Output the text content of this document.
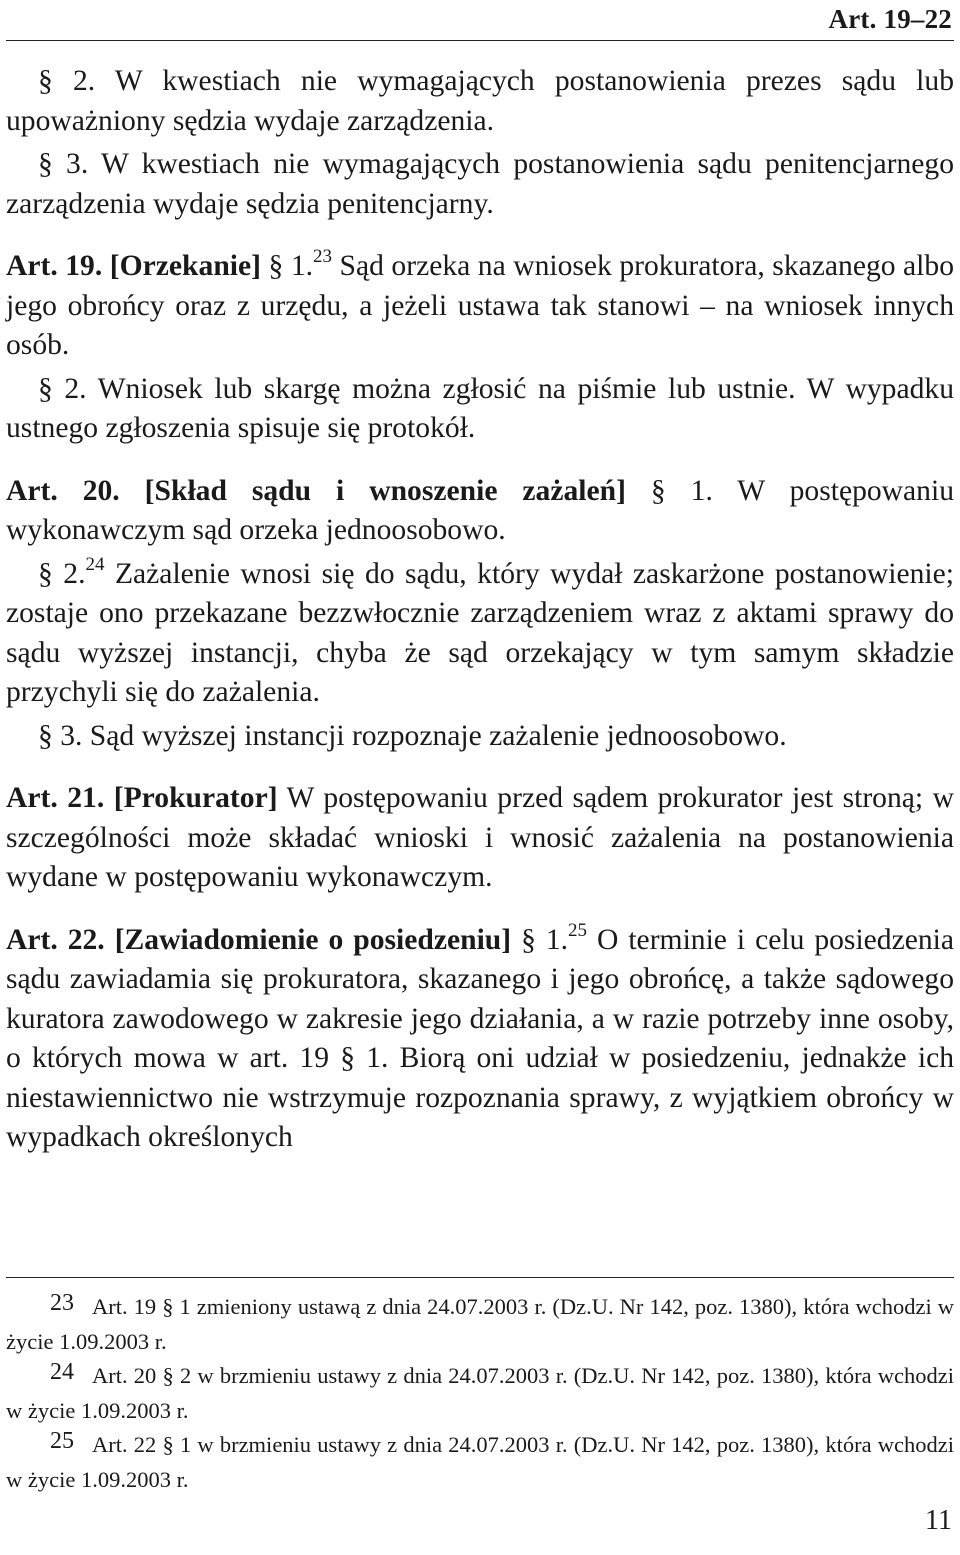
Art. 19–22

§ 2. W kwestiach nie wymagających postanowienia prezes sądu lub upoważniony sędzia wydaje zarządzenia.

§ 3. W kwestiach nie wymagających postanowienia sądu penitencjarnego zarządzenia wydaje sędzia penitencjarny.

Art. 19. [Orzekanie] § 1.23 Sąd orzeka na wniosek prokuratora, skazanego albo jego obrońcy oraz z urzędu, a jeżeli ustawa tak stanowi – na wniosek innych osób.

§ 2. Wniosek lub skargę można zgłosić na piśmie lub ustnie. W wypadku ustnego zgłoszenia spisuje się protokół.

Art. 20. [Skład sądu i wnoszenie zażaleń] § 1. W postępowaniu wykonawczym sąd orzeka jednoosobowo.

§ 2.24 Zażalenie wnosi się do sądu, który wydał zaskarżone postanowienie; zostaje ono przekazane bezzwłocznie zarządzeniem wraz z aktami sprawy do sądu wyższej instancji, chyba że sąd orzekający w tym samym składzie przychyli się do zażalenia.

§ 3. Sąd wyższej instancji rozpoznaje zażalenie jednoosobowo.

Art. 21. [Prokurator] W postępowaniu przed sądem prokurator jest stroną; w szczególności może składać wnioski i wnosić zażalenia na postanowienia wydane w postępowaniu wykonawczym.

Art. 22. [Zawiadomienie o posiedzeniu] § 1.25 O terminie i celu posiedzenia sądu zawiadamia się prokuratora, skazanego i jego obrońcę, a także sądowego kuratora zawodowego w zakresie jego działania, a w razie potrzeby inne osoby, o których mowa w art. 19 § 1. Biorą oni udział w posiedzeniu, jednakże ich niestawiennictwo nie wstrzymuje rozpoznania sprawy, z wyjątkiem obrońcy w wypadkach określonych

23 Art. 19 § 1 zmieniony ustawą z dnia 24.07.2003 r. (Dz.U. Nr 142, poz. 1380), która wchodzi w życie 1.09.2003 r.

24 Art. 20 § 2 w brzmieniu ustawy z dnia 24.07.2003 r. (Dz.U. Nr 142, poz. 1380), która wchodzi w życie 1.09.2003 r.

25 Art. 22 § 1 w brzmieniu ustawy z dnia 24.07.2003 r. (Dz.U. Nr 142, poz. 1380), która wchodzi w życie 1.09.2003 r.

11
